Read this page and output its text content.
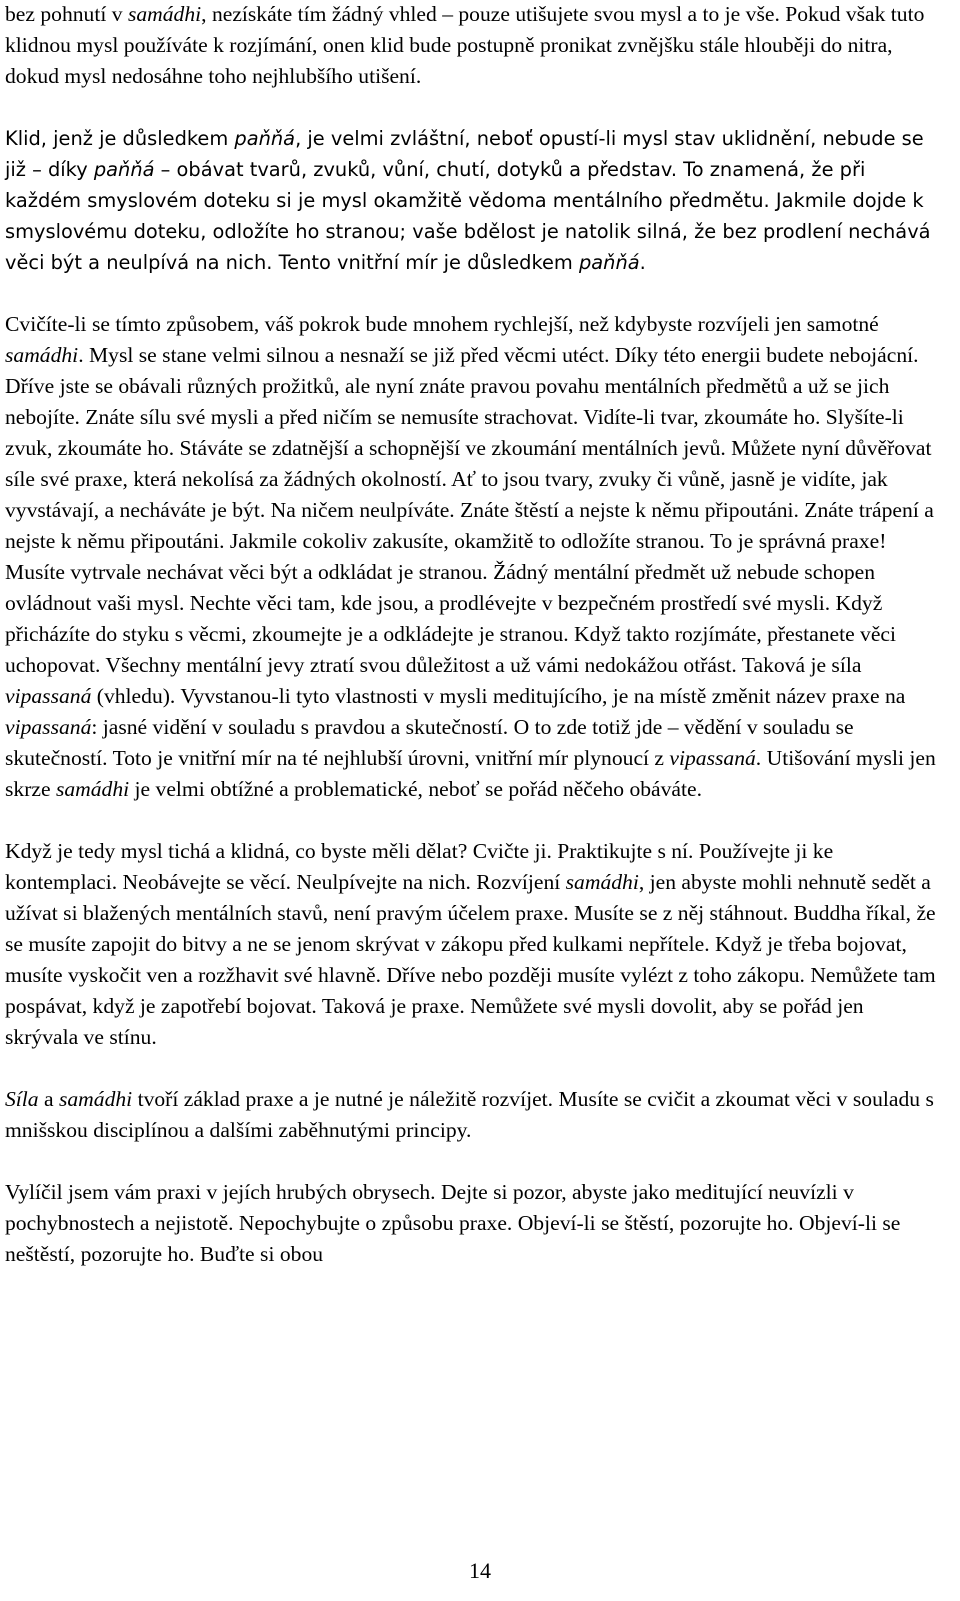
bez pohnutí v samádhi, nezískáte tím žádný vhled – pouze utišujete svou mysl a to je vše. Pokud však tuto klidnou mysl používáte k rozjímání, onen klid bude postupně pronikat zvnějšku stále hlouběji do nitra, dokud mysl nedosáhne toho nejhlubšího utišení.

Klid, jenž je důsledkem paňňá, je velmi zvláštní, neboť opustí-li mysl stav uklidnění, nebude se již – díky paňňá – obávat tvarů, zvuků, vůní, chutí, dotyků a představ. To znamená, že při každém smyslovém doteku si je mysl okamžitě vědoma mentálního předmětu. Jakmile dojde k smyslovému doteku, odložíte ho stranou; vaše bdělost je natolik silná, že bez prodlení nechává věci být a neulpívá na nich. Tento vnitřní mír je důsledkem paňňá.

Cvičíte-li se tímto způsobem, váš pokrok bude mnohem rychlejší, než kdybyste rozvíjeli jen samotné samádhi. Mysl se stane velmi silnou a nesnaží se již před věcmi utéct. Díky této energii budete nebojácní. Dříve jste se obávali různých prožitků, ale nyní znáte pravou povahu mentálních předmětů a už se jich nebojíte. Znáte sílu své mysli a před ničím se nemusíte strachovat. Vidíte-li tvar, zkoumáte ho. Slyšíte-li zvuk, zkoumáte ho. Stáváte se zdatnější a schopnější ve zkoumání mentálních jevů. Můžete nyní důvěřovat síle své praxe, která nekolísá za žádných okolností. Ať to jsou tvary, zvuky či vůně, jasně je vidíte, jak vyvstávají, a necháváte je být. Na ničem neulpíváte. Znáte štěstí a nejste k němu připoutáni. Znáte trápení a nejste k němu připoutáni. Jakmile cokoliv zakusíte, okamžitě to odložíte stranou. To je správná praxe! Musíte vytrvale nechávat věci být a odkládat je stranou. Žádný mentální předmět už nebude schopen ovládnout vaši mysl. Nechte věci tam, kde jsou, a prodlévejte v bezpečném prostředí své mysli. Když přicházíte do styku s věcmi, zkoumejte je a odkládejte je stranou. Když takto rozjímáte, přestanete věci uchopovat. Všechny mentální jevy ztratí svou důležitost a už vámi nedokážou otřást. Taková je síla vipassaná (vhledu). Vyvstanou-li tyto vlastnosti v mysli meditujícího, je na místě změnit název praxe na vipassaná: jasné vidění v souladu s pravdou a skutečností. O to zde totiž jde – vědění v souladu se skutečností. Toto je vnitřní mír na té nejhlubší úrovni, vnitřní mír plynoucí z vipassaná. Utišování mysli jen skrze samádhi je velmi obtížné a problematické, neboť se pořád něčeho obáváte.

Když je tedy mysl tichá a klidná, co byste měli dělat? Cvičte ji. Praktikujte s ní. Používejte ji ke kontemplaci. Neobávejte se věcí. Neulpívejte na nich. Rozvíjení samádhi, jen abyste mohli nehnutě sedět a užívat si blažených mentálních stavů, není pravým účelem praxe. Musíte se z něj stáhnout. Buddha říkal, že se musíte zapojit do bitvy a ne se jenom skrývat v zákopu před kulkami nepřítele. Když je třeba bojovat, musíte vyskočit ven a rozžhavit své hlavně. Dříve nebo později musíte vylézt z toho zákopu. Nemůžete tam pospávat, když je zapotřebí bojovat. Taková je praxe. Nemůžete své mysli dovolit, aby se pořád jen skrývala ve stínu.

Síla a samádhi tvoří základ praxe a je nutné je náležitě rozvíjet. Musíte se cvičit a zkoumat věci v souladu s mnišskou disciplínou a dalšími zaběhnutými principy.

Vylíčil jsem vám praxi v jejích hrubých obrysech. Dejte si pozor, abyste jako meditující neuvízli v pochybnostech a nejistotě. Nepochybujte o způsobu praxe. Objeví-li se štěstí, pozorujte ho. Objeví-li se neštěstí, pozorujte ho. Buďte si obou

14
